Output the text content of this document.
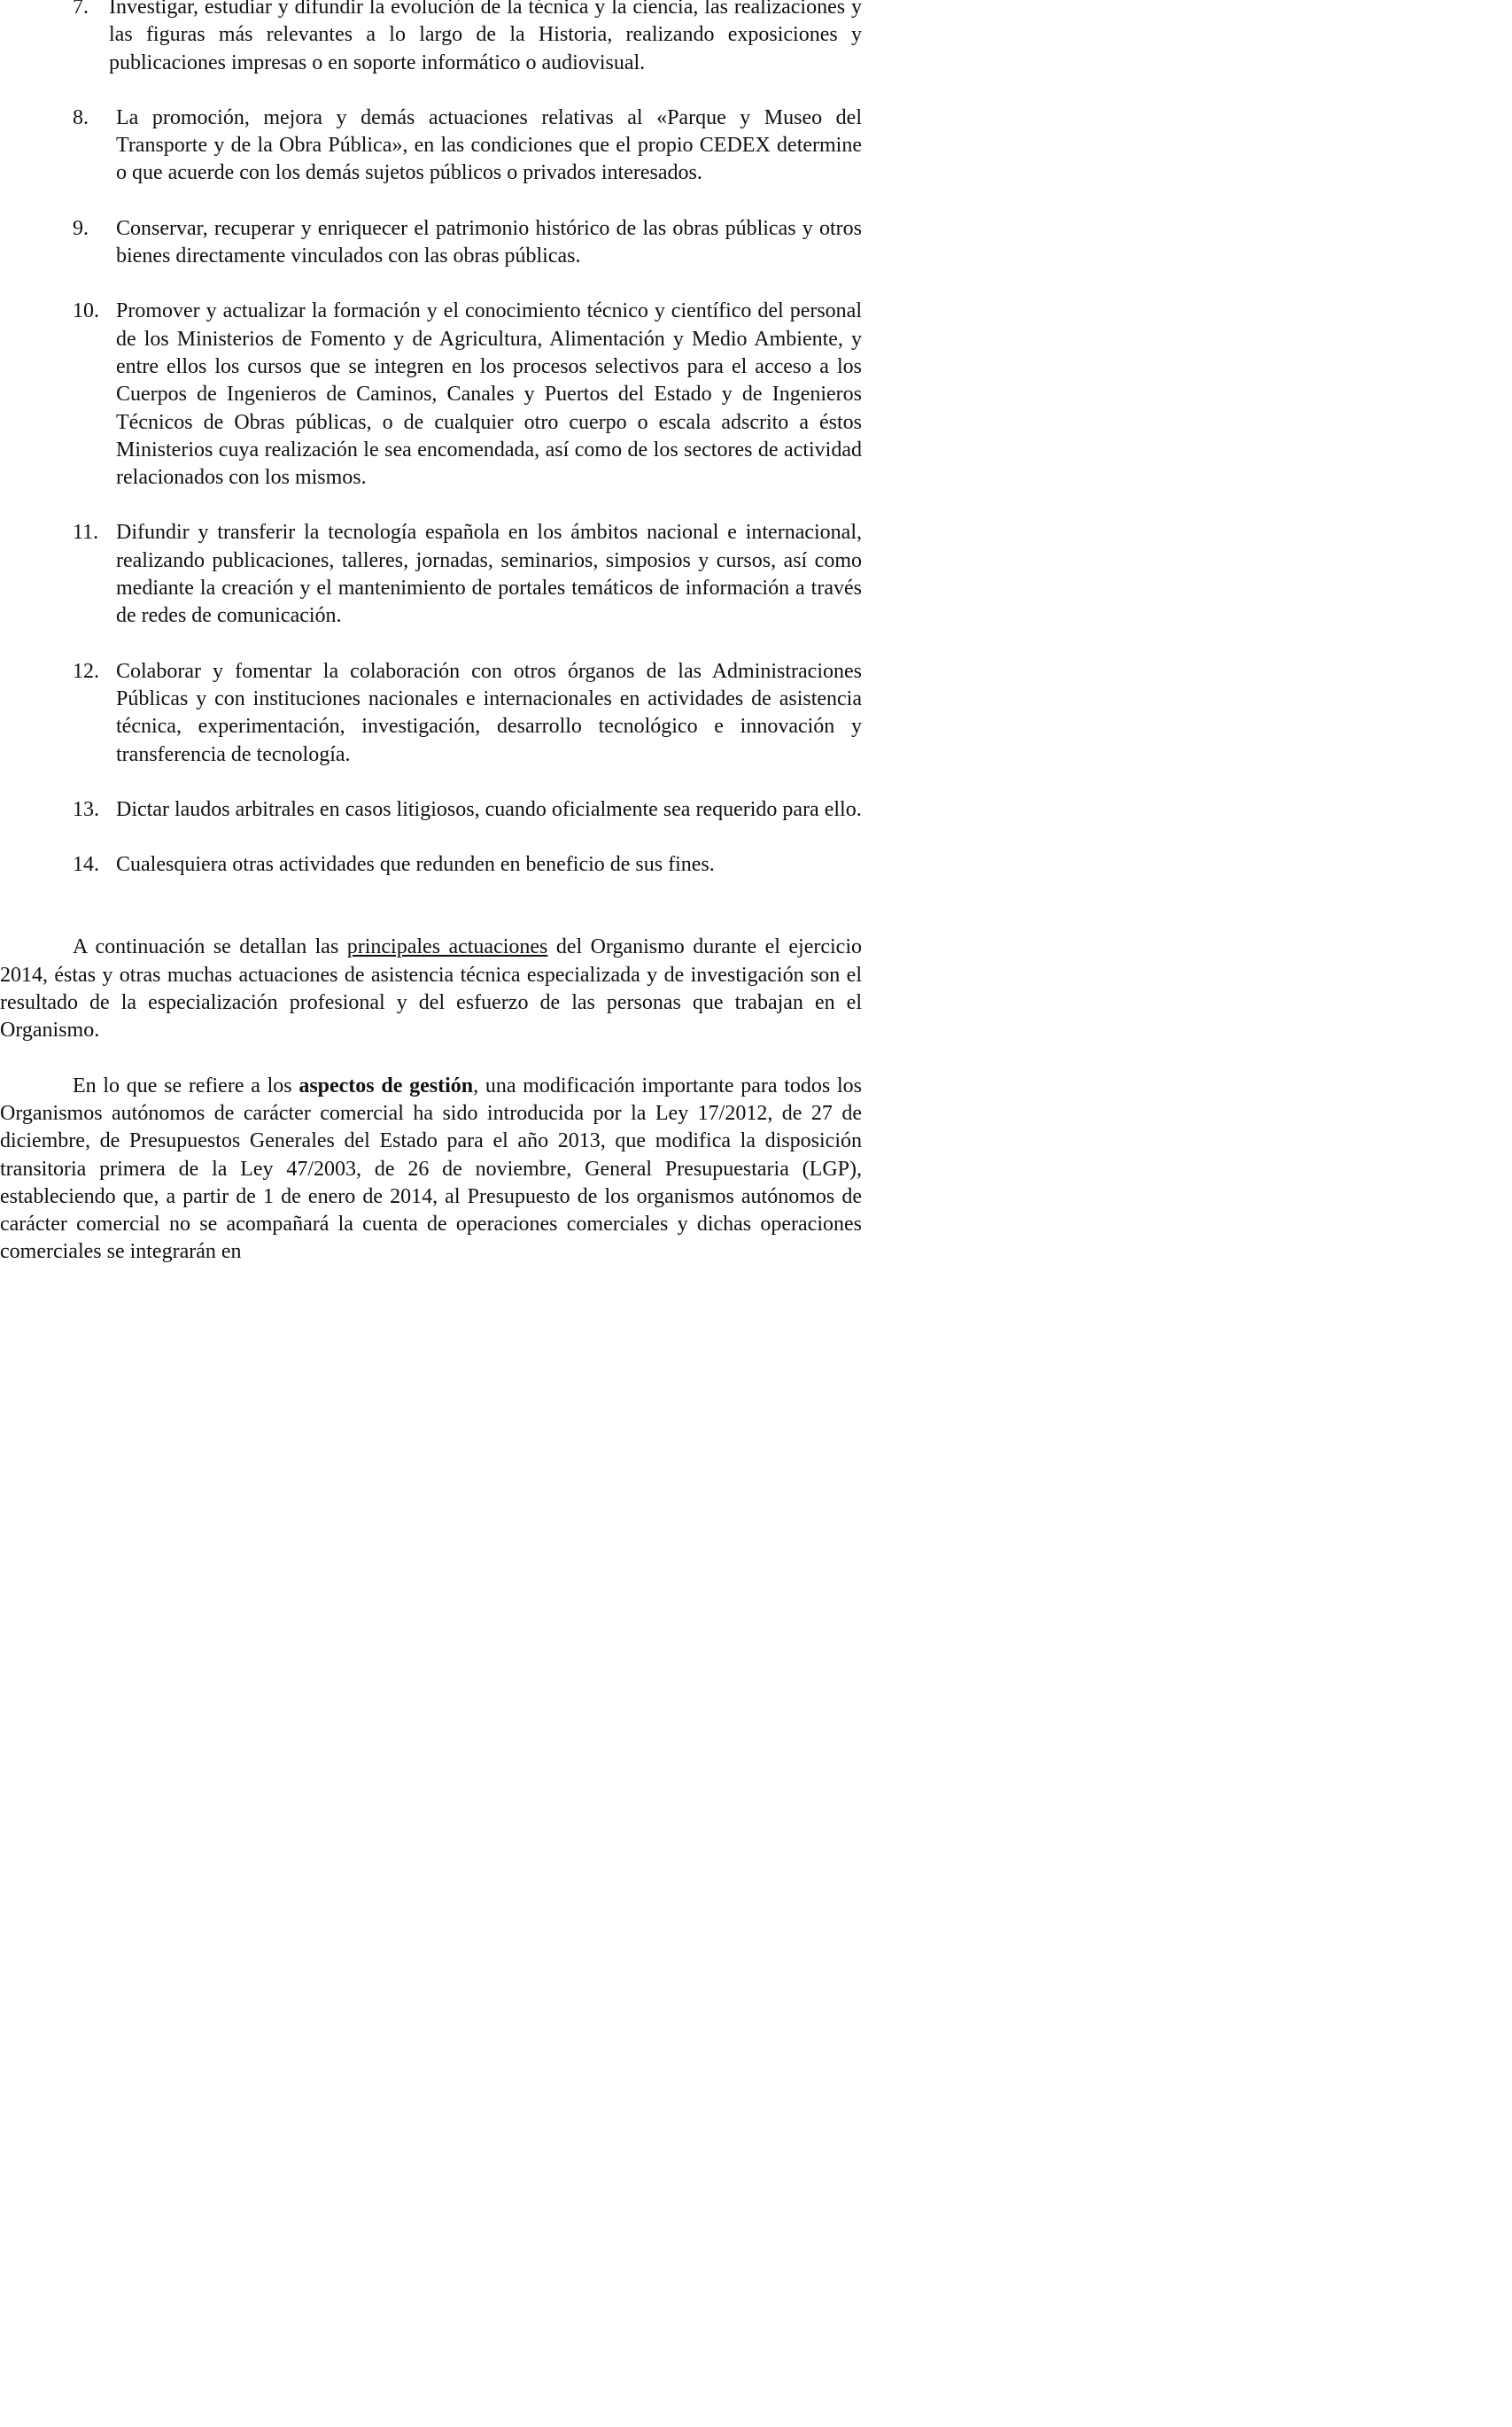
7. Investigar, estudiar y difundir la evolución de la técnica y la ciencia, las realizaciones y las figuras más relevantes a lo largo de la Historia, realizando exposiciones y publicaciones impresas o en soporte informático o audiovisual.
8. La promoción, mejora y demás actuaciones relativas al «Parque y Museo del Transporte y de la Obra Pública», en las condiciones que el propio CEDEX determine o que acuerde con los demás sujetos públicos o privados interesados.
9. Conservar, recuperar y enriquecer el patrimonio histórico de las obras públicas y otros bienes directamente vinculados con las obras públicas.
10. Promover y actualizar la formación y el conocimiento técnico y científico del personal de los Ministerios de Fomento y de Agricultura, Alimentación y Medio Ambiente, y entre ellos los cursos que se integren en los procesos selectivos para el acceso a los Cuerpos de Ingenieros de Caminos, Canales y Puertos del Estado y de Ingenieros Técnicos de Obras públicas, o de cualquier otro cuerpo o escala adscrito a éstos Ministerios cuya realización le sea encomendada, así como de los sectores de actividad relacionados con los mismos.
11. Difundir y transferir la tecnología española en los ámbitos nacional e internacional, realizando publicaciones, talleres, jornadas, seminarios, simposios y cursos, así como mediante la creación y el mantenimiento de portales temáticos de información a través de redes de comunicación.
12. Colaborar y fomentar la colaboración con otros órganos de las Administraciones Públicas y con instituciones nacionales e internacionales en actividades de asistencia técnica, experimentación, investigación, desarrollo tecnológico e innovación y transferencia de tecnología.
13. Dictar laudos arbitrales en casos litigiosos, cuando oficialmente sea requerido para ello.
14. Cualesquiera otras actividades que redunden en beneficio de sus fines.

A continuación se detallan las principales actuaciones del Organismo durante el ejercicio 2014, éstas y otras muchas actuaciones de asistencia técnica especializada y de investigación son el resultado de la especialización profesional y del esfuerzo de las personas que trabajan en el Organismo.

En lo que se refiere a los aspectos de gestión, una modificación importante para todos los Organismos autónomos de carácter comercial ha sido introducida por la Ley 17/2012, de 27 de diciembre, de Presupuestos Generales del Estado para el año 2013, que modifica la disposición transitoria primera de la Ley 47/2003, de 26 de noviembre, General Presupuestaria (LGP), estableciendo que, a partir de 1 de enero de 2014, al Presupuesto de los organismos autónomos de carácter comercial no se acompañará la cuenta de operaciones comerciales y dichas operaciones comerciales se integrarán en
